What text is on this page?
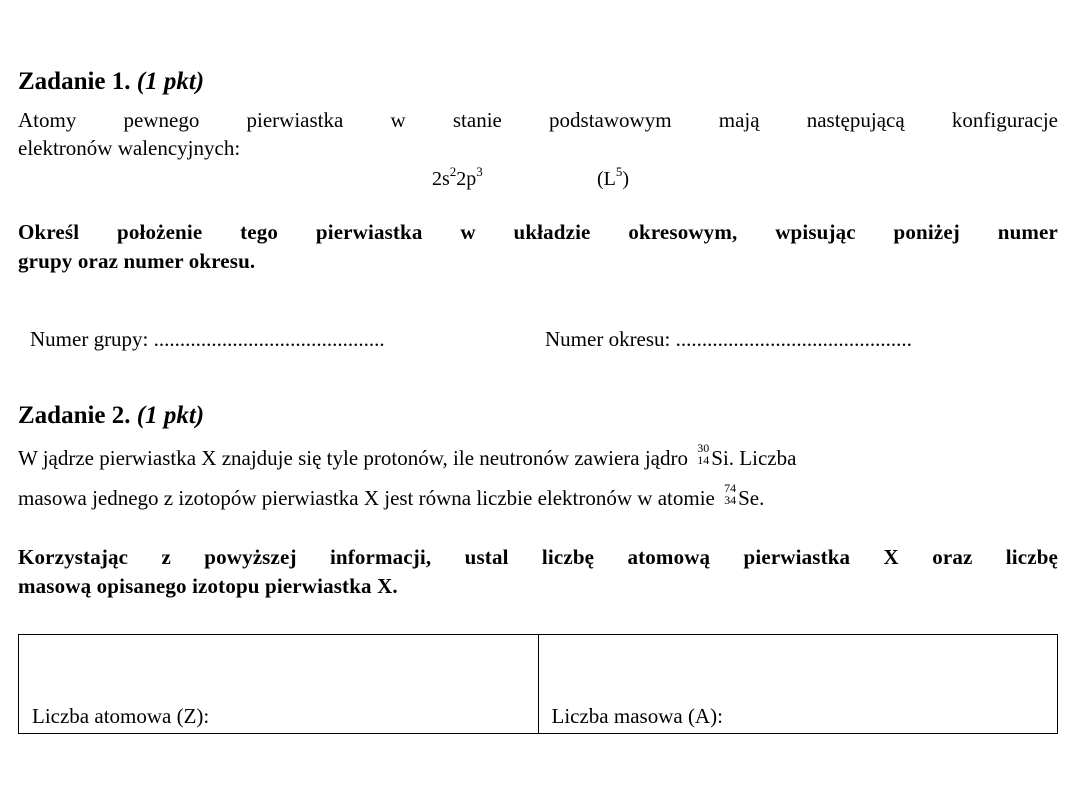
Zadanie 1. (1 pkt)
Atomy pewnego pierwiastka w stanie podstawowym mają następującą konfiguracje
elektronów walencyjnych:
$2s^22p^3$	$(L^5)$
Określ położenie tego pierwiastka w układzie okresowym, wpisując poniżej numer
grupy oraz numer okresu.
Numer grupy: ............................................	Numer okresu: .............................................
Zadanie 2. (1 pkt)
W jądrze pierwiastka X znajduje się tyle protonów, ile neutronów zawiera jądro 30
14 Si. Liczba
masowa jednego z izotopów pierwiastka X jest równa liczbie elektronów w atomie 74
34 Se.
Korzystając z powyższej informacji, ustal liczbę atomową pierwiastka X oraz liczbę
masową opisanego izotopu pierwiastka X.
Liczba atomowa (Z):	Liczba masowa (A):
